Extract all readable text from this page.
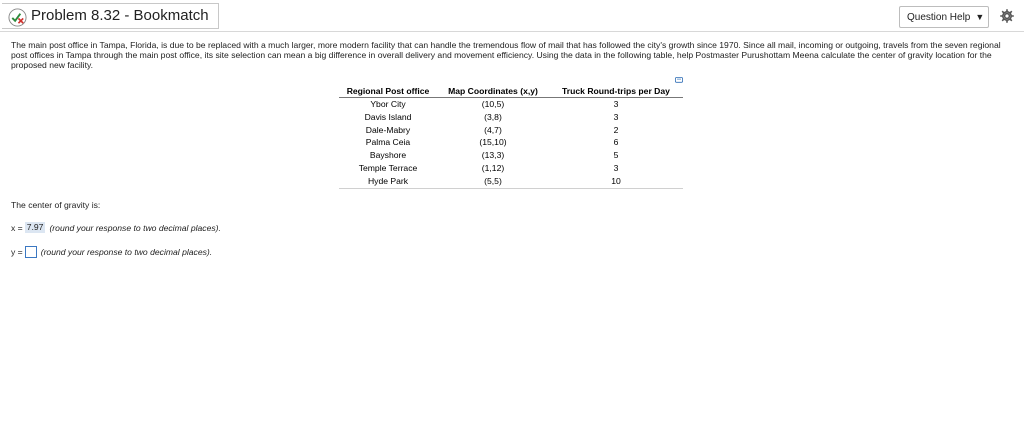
Problem 8.32 - Bookmatch	Question Help ▼
The main post office in Tampa, Florida, is due to be replaced with a much larger, more modern facility that can handle the tremendous flow of mail that has followed the city's growth since 1970. Since all mail, incoming or outgoing, travels from the seven regional post offices in Tampa through the main post office, its site selection can mean a big difference in overall delivery and movement efficiency. Using the data in the following table, help Postmaster Purushottam Meena calculate the center of gravity location for the proposed new facility.
Regional Post office	Map Coordinates (x,y)	Truck Round-trips per Day
Ybor City	(10,5)	3
Davis Island	(3,8)	3
Dale-Mabry	(4,7)	2
Palma Ceia	(15,10)	6
Bayshore	(13,3)	5
Temple Terrace	(1,12)	3
Hyde Park	(5,5)	10
The center of gravity is:
x = 7.97 (round your response to two decimal places).
y = (round your response to two decimal places).
